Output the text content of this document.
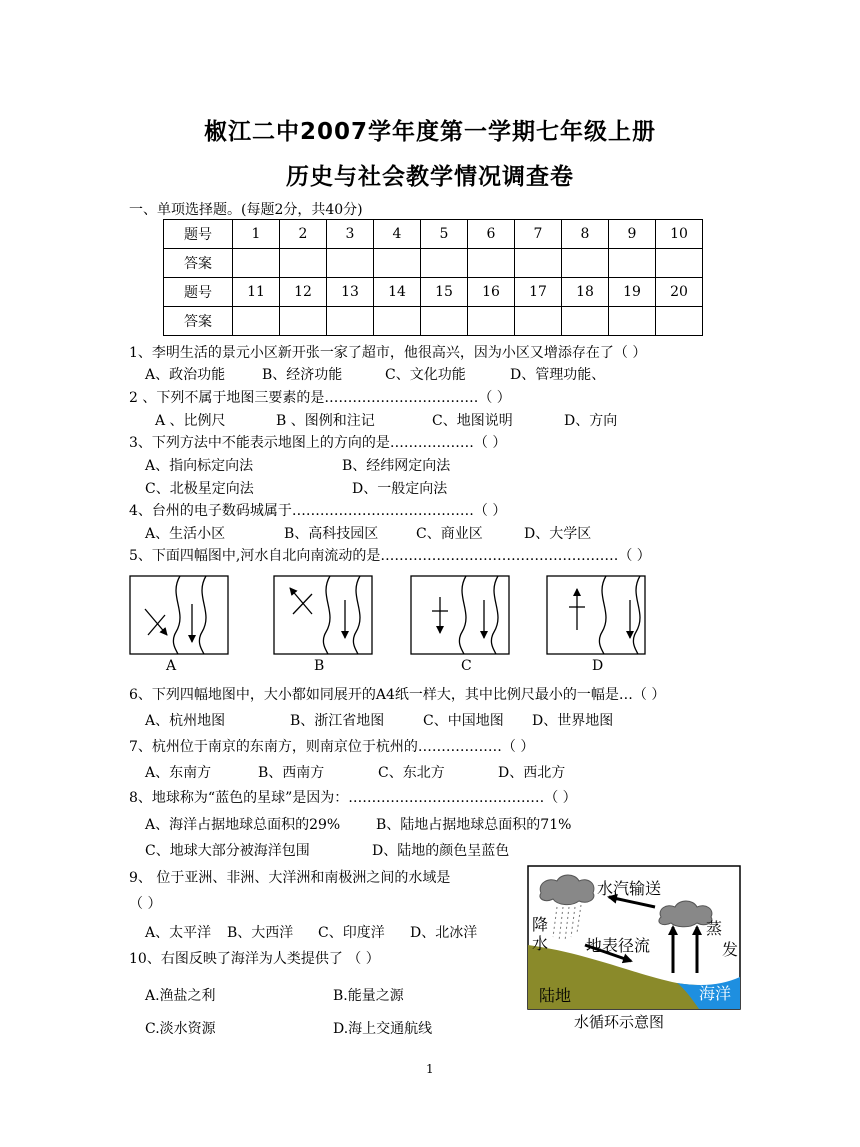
椒江二中2007学年度第一学期七年级上册
历史与社会教学情况调查卷
一、单项选择题。(每题2分，共40分)
题号	1	2	3	4	5	6	7	8	9	10
答案										
题号	11	12	13	14	15	16	17	18	19	20
答案										
1、李明生活的景元小区新开张一家了超市，他很高兴，因为小区又增添存在了（ ）
A、政治功能	B、经济功能	C、文化功能	D、管理功能、
2 、下列不属于地图三要素的是……………………………（ ）
A 、比例尺	B 、图例和注记	C、地图说明	D、方向
3、下列方法中不能表示地图上的方向的是………………（ ）
A、指向标定向法	B、经纬网定向法
C、北极星定向法	D、一般定向法
4、台州的电子数码城属于…………………………………（ ）
A、生活小区	B、高科技园区	C、商业区	D、大学区
5、下面四幅图中,河水自北向南流动的是……………………………………………（ ）
A	B	C	D
6、下列四幅地图中，大小都如同展开的A4纸一样大，其中比例尺最小的一幅是…（ ）
A、杭州地图	B、浙江省地图	C、中国地图 D、世界地图
7、杭州位于南京的东南方，则南京位于杭州的………………（ ）
A、东南方	B、西南方	C、东北方	D、西北方
8、地球称为“蓝色的星球”是因为：……………………………………（ ）
A、海洋占据地球总面积的29%	B、陆地占据地球总面积的71%
C、地球大部分被海洋包围	D、陆地的颜色呈蓝色
9、 位于亚洲、非洲、大洋洲和南极洲之间的水域是
（ ）
A、太平洋 B、大西洋 C、印度洋 D、北冰洋
10、右图反映了海洋为人类提供了 （ ）
A.渔盐之利	B.能量之源
C.淡水资源	D.海上交通航线
水汽输送
降
水 地表径流
蒸
发
陆地	海洋
水循环示意图
1
